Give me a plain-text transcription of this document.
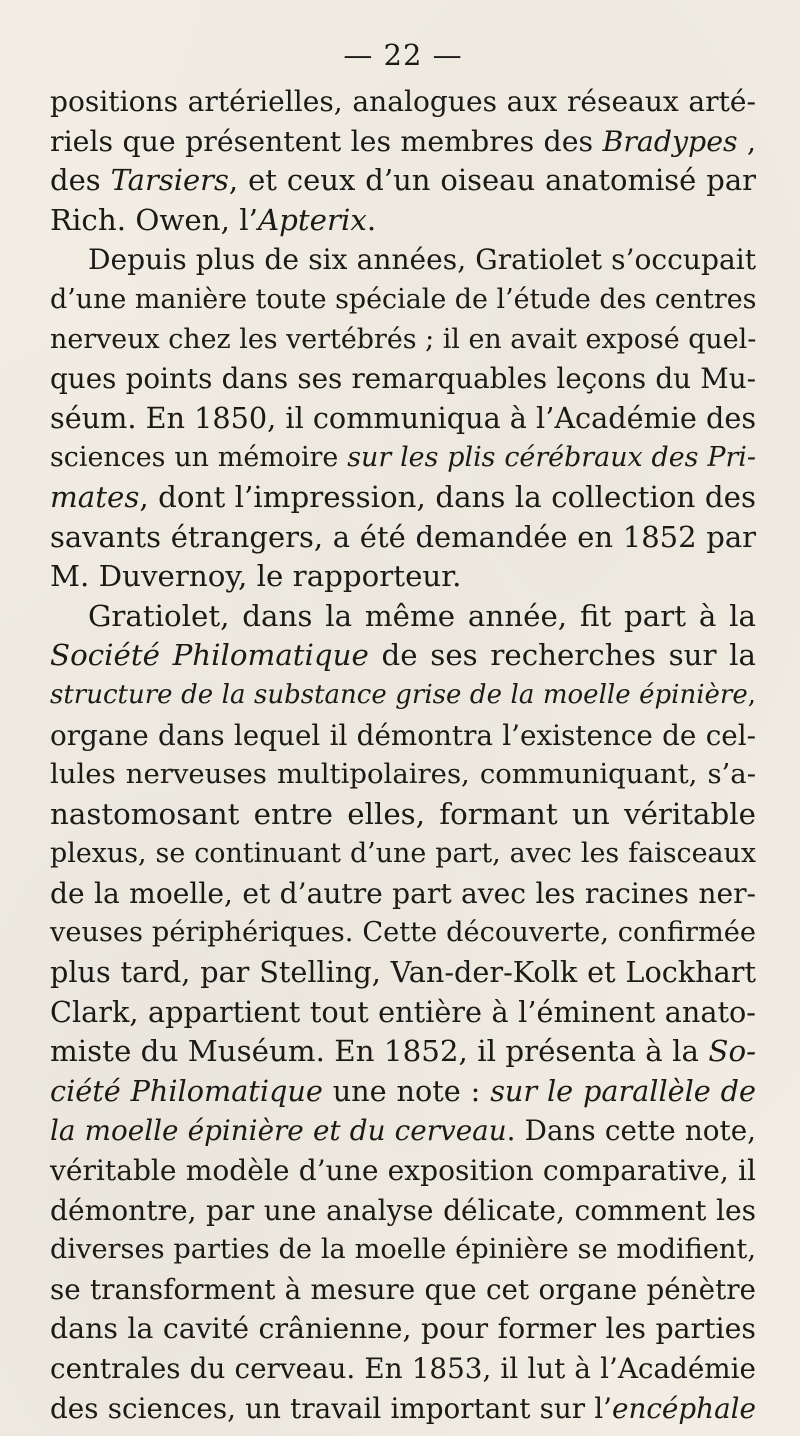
— 22 —
positions artérielles, analogues aux réseaux arté-
riels que présentent les membres des Bradypes ,
des Tarsiers, et ceux d’un oiseau anatomisé par
Rich. Owen, l’Apterix.
Depuis plus de six années, Gratiolet s’occupait
d’une manière toute spéciale de l’étude des centres
nerveux chez les vertébrés ; il en avait exposé quel-
ques points dans ses remarquables leçons du Mu-
séum. En 1850, il communiqua à l’Académie des
sciences un mémoire sur les plis cérébraux des Pri-
mates, dont l’impression, dans la collection des
savants étrangers, a été demandée en 1852 par
M. Duvernoy, le rapporteur.
Gratiolet, dans la même année, fit part à la
Société Philomatique de ses recherches sur la
structure de la substance grise de la moelle épinière,
organe dans lequel il démontra l’existence de cel-
lules nerveuses multipolaires, communiquant, s’a-
nastomosant entre elles, formant un véritable
plexus, se continuant d’une part, avec les faisceaux
de la moelle, et d’autre part avec les racines ner-
veuses périphériques. Cette découverte, confirmée
plus tard, par Stelling, Van-der-Kolk et Lockhart
Clark, appartient tout entière à l’éminent anato-
miste du Muséum. En 1852, il présenta à la So-
ciété Philomatique une note : sur le parallèle de
la moelle épinière et du cerveau. Dans cette note,
véritable modèle d’une exposition comparative, il
démontre, par une analyse délicate, comment les
diverses parties de la moelle épinière se modifient,
se transforment à mesure que cet organe pénètre
dans la cavité crânienne, pour former les parties
centrales du cerveau. En 1853, il lut à l’Académie
des sciences, un travail important sur l’encéphale
